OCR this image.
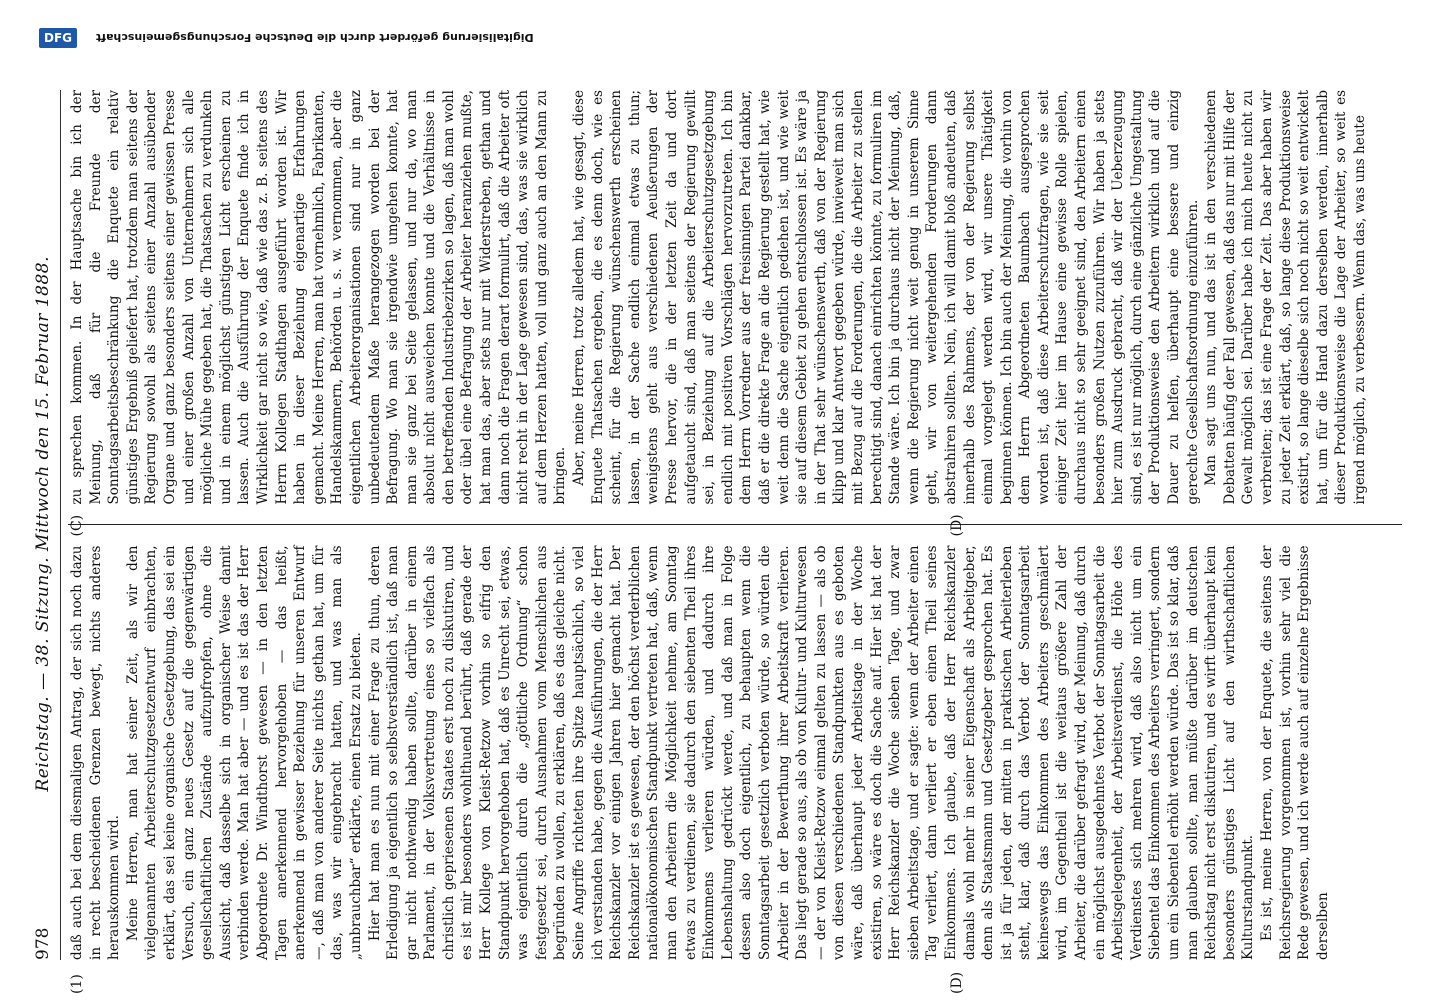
978
Reichstag. — 38. Sitzung. Mittwoch den 15. Februar 1888.
(1)	(D)

daß auch bei dem diesmaligen Antrag, der sich noch dazu in recht bescheidenen Grenzen bewegt, nichts anderes herauskommen wird. Meine Herren, man hat seiner Zeit, als wir den vielgenannten Arbeiterschutzgesetzentwurf einbrachten, erklärt, das sei keine organische Gesetzgebung, das sei ein Versuch, ein ganz neues Gesetz auf die gegenwärtigen gesellschaftlichen Zustände aufzupfropfen, ohne die Aussicht, daß dasselbe sich in organischer Weise damit verbinden werde. Man hat aber — und es ist das der Herr Abgeordnete Dr. Windthorst gewesen — in den letzten Tagen anerkennend hervorgehoben — das heißt, anerkennend in gewisser Beziehung für unseren Entwurf —, daß man von anderer Seite nichts gethan hat, um für das, was wir eingebracht hatten, und was man als „unbrauchbar“ erklärte, einen Ersatz zu bieten. Hier hat man es nun mit einer Frage zu thun, deren Erledigung ja eigentlich so selbstverständlich ist, daß man gar nicht nothwendig haben sollte, darüber in einem Parlament, in der Volksvertretung eines so vielfach als christlich gepriesenen Staates erst noch zu diskutiren, und es ist mir besonders wohlthuend berührt, daß gerade der Herr Kollege von Kleist-Retzow vorhin so eifrig den Standpunkt hervorgehoben hat, daß es Unrecht sei, etwas, was eigentlich durch die „göttliche Ordnung“ schon festgesetzt sei, durch Ausnahmen vom Menschlichen aus begründen zu wollen, zu erklären, daß es das gleiche nicht. Seine Angriffe richteten ihre Spitze hauptsächlich, so viel ich verstanden habe, gegen die Ausführungen, die der Herr Reichskanzler vor einigen Jahren hier gemacht hat. Der Reichskanzler ist es gewesen, der den höchst verderblichen nationalökonomischen Standpunkt vertreten hat, daß, wenn man den Arbeitern die Möglichkeit nehme, am Sonntag etwas zu verdienen, sie dadurch den siebenten Theil ihres Einkommens verlieren würden, und dadurch ihre Lebenshaltung gedrückt werde, und daß man in Folge dessen also doch eigentlich, zu behaupten wenn die Sonntagsarbeit gesetzlich verboten würde, so würden die Arbeiter in der Bewerthung ihrer Arbeitskraft verlieren. Das liegt gerade so aus, als ob von Kultur- und Kulturwesen — der von Kleist-Retzow einmal gelten zu lassen — als ob von diesen verschiedenen Standpunkten aus es geboten wäre, daß überhaupt jeder Arbeitstage in der Woche existiren, so wäre es doch die Sache auf. Hier ist hat der Herr Reichskanzler die Woche sieben Tage, und zwar sieben Arbeitstage, und er sagte: wenn der Arbeiter einen Tag verliert, dann verliert er eben einen Theil seines Einkommens. Ich glaube, daß der Herr Reichskanzler damals wohl mehr in seiner Eigenschaft als Arbeitgeber, denn als Staatsmann und Gesetzgeber gesprochen hat. Es ist ja für jeden, der mitten in praktischen Arbeiterleben steht, klar, daß durch das Verbot der Sonntagsarbeit keineswegs das Einkommen des Arbeiters geschmälert wird, im Gegentheil ist die weitaus größere Zahl der Arbeiter, die darüber gefragt wird, der Meinung, daß durch ein möglichst ausgedehntes Verbot der Sonntagsarbeit die Arbeitsgelegenheit, der Arbeitsverdienst, die Höhe des Verdienstes sich mehren wird, daß also nicht um ein Siebentel das Einkommen des Arbeiters verringert, sondern um ein Siebentel erhöht werden würde. Das ist so klar, daß man glauben sollte, man müßte darüber im deutschen Reichstag nicht erst diskutiren, und es wirft überhaupt kein besonders günstiges Licht auf den wirthschaftlichen Kulturstandpunkt. Es ist, meine Herren, von der Enquete, die seitens der Reichsregierung vorgenommen ist, vorhin sehr viel die Rede gewesen, und ich werde auch auf einzelne Ergebnisse derselben

(C)	(D)

zu sprechen kommen. In der Hauptsache bin ich der Meinung, daß für die Freunde der Sonntagsarbeitsbeschränkung die Enquete ein relativ günstiges Ergebniß geliefert hat, trotzdem man seitens der Regierung sowohl als seitens einer Anzahl ausübender Organe und ganz besonders seitens einer gewissen Presse und einer großen Anzahl von Unternehmern sich alle mögliche Mühe gegeben hat, die Thatsachen zu verdunkeln und in einem möglichst günstigen Licht erscheinen zu lassen. Auch die Ausführung der Enquete finde ich in Wirklichkeit gar nicht so wie, daß wie das z. B. seitens des Herrn Kollegen Stadthagen ausgeführt worden ist. Wir haben in dieser Beziehung eigenartige Erfahrungen gemacht. Meine Herren, man hat vornehmlich, Fabrikanten, Handelskammern, Behörden u. s. w. vernommen, aber die eigentlichen Arbeiterorganisationen sind nur in ganz unbedeutendem Maße herangezogen worden bei der Befragung. Wo man sie irgendwie umgehen konnte, hat man sie ganz bei Seite gelassen, und nur da, wo man absolut nicht ausweichen konnte und die Verhältnisse in den betreffenden Industriebezirken so lagen, daß man wohl oder übel eine Befragung der Arbeiter heranziehen mußte, hat man das, aber stets nur mit Widerstreben, gethan und dann noch die Fragen derart formulirt, daß die Arbeiter oft nicht recht in der Lage gewesen sind, das, was sie wirklich auf dem Herzen hatten, voll und ganz auch an den Mann zu bringen. Aber, meine Herren, trotz alledem hat, wie gesagt, diese Enquete Thatsachen ergeben, die es denn doch, wie es scheint, für die Regierung wünschenswerth erscheinen lassen, in der Sache endlich einmal etwas zu thun; wenigstens geht aus verschiedenen Aeußerungen der Presse hervor, die in der letzten Zeit da und dort aufgetaucht sind, daß man seitens der Regierung gewillt sei, in Beziehung auf die Arbeiterschutzgesetzgebung endlich mit positiven Vorschlägen hervorzutreten. Ich bin dem Herrn Vorredner aus der freisinnigen Partei dankbar, daß er die direkte Frage an die Regierung gestellt hat, wie weit denn die Sache eigentlich gediehen ist, und wie weit sie auf diesem Gebiet zu gehen entschlossen ist. Es wäre ja in der That sehr wünschenswerth, daß von der Regierung klipp und klar Antwort gegeben würde, inwieweit man sich mit Bezug auf die Forderungen, die die Arbeiter zu stellen berechtigt sind, danach einrichten könnte, zu formuliren im Stande wäre. Ich bin ja durchaus nicht der Meinung, daß, wenn die Regierung nicht weit genug in unserem Sinne geht, wir von weitergehenden Forderungen dann abstrahiren sollten. Nein, ich will damit bloß andeuten, daß innerhalb des Rahmens, der von der Regierung selbst einmal vorgelegt werden wird, wir unsere Thätigkeit beginnen können. Ich bin auch der Meinung, die vorhin von dem Herrn Abgeordneten Baumbach ausgesprochen worden ist, daß diese Arbeiterschutzfragen, wie sie seit einiger Zeit hier im Hause eine gewisse Rolle spielen, durchaus nicht so sehr geeignet sind, den Arbeitern einen besonders großen Nutzen zuzuführen. Wir haben ja stets hier zum Ausdruck gebracht, daß wir der Ueberzeugung sind, es ist nur möglich, durch eine gänzliche Umgestaltung der Produktionsweise den Arbeitern wirklich und auf die Dauer zu helfen, überhaupt eine bessere und einzig gerechte Gesellschaftsordnung einzuführen. Man sagt uns nun, und das ist in den verschiedenen Debatten häufig der Fall gewesen, daß das nur mit Hilfe der Gewalt möglich sei. Darüber habe ich mich heute nicht zu verbreiten; das ist eine Frage der Zeit. Das aber haben wir zu jeder Zeit erklärt, daß, so lange diese Produktionsweise existirt, so lange dieselbe sich noch nicht so weit entwickelt hat, um für die Hand dazu derselben werden, innerhalb dieser Produktionsweise die Lage der Arbeiter, so weit es irgend möglich, zu verbessern. Wenn das, was uns heute

DFG	Digitalisierung gefördert durch die Deutsche Forschungsgemeinschaft
